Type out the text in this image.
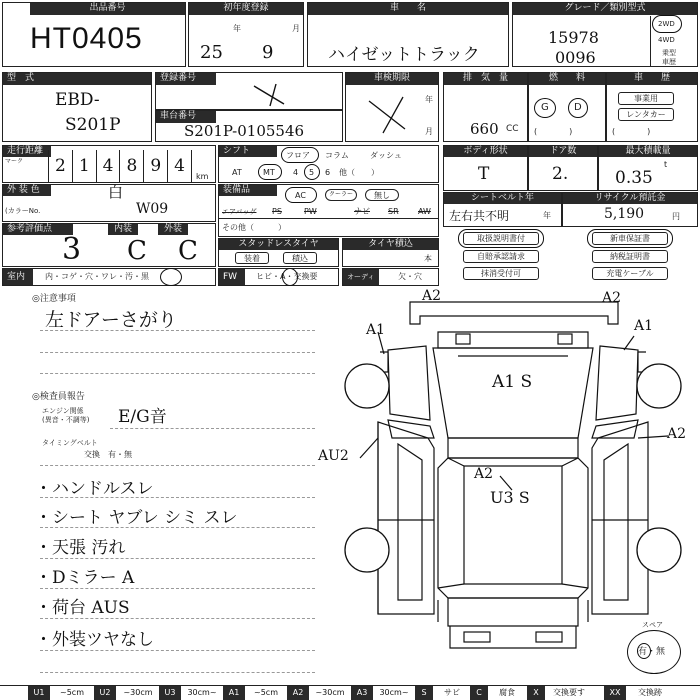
出品番号
HT0405
初年度登録
年	月
25 9
車　　名
ハイゼットトラック
グレード／類別型式
15978
0096
2WD
4WD
乗型
車歴
型　式
EBD-
S201P
登録番号
車台番号
S201P-0105546
車検期限
年
月
排　気　量
660 CC
燃　　料
G	D
(　　　　)
車　　歴
事業用
レンタカー
(　　　　)
走行距離
マーク	2 1 4 8 9 4
km
シフト	フロア コラム	ダッシュ
AT	MT 4 5 6 他（　　）
ボディ形状
T
ドア数
2.
最大積載量
0.35
t
外 装 色	白
(カラーNo.	W09
装備品
AC	クーラー	無し
エアバッグ PS	PW	ナビ SR AW
その他（　　　）
シートベルト年
左右共不明	年
リサイクル預託金
5,190	円
参考評価点	内装	外装
3 C C	スタッドレスタイヤ
装着	積込
タイヤ積込
本
取扱説明書付	新車保証書
自賠承認請求	納税証明書
抹消受付可	充電ケーブル
室内	内・コゲ・穴・ワレ・汚・黒	FW	ヒビ・A・交換要	オーディオ
欠・穴
◎注意事項
左ドアーさがり
◎検査員報告
エンジン関係
(異音・不調等) E/G音
タイミングベルト
交換　有・無
・ハンドルスレ
・シート ヤブレ シミ スレ
・天張 汚れ
・Dミラー A
・荷台 AUS
・外装ツヤなし
A2	A2
A1	A1
A1 S
A2
AU2
A2
U3 S
スペア
有・無
U1	~5cm	U2	~30cm	U3	30cm~	A1	~5cm	A2	~30cm	A3	30cm~	S	サビ	C	腐食	X	交換要す	XX	交換跡
